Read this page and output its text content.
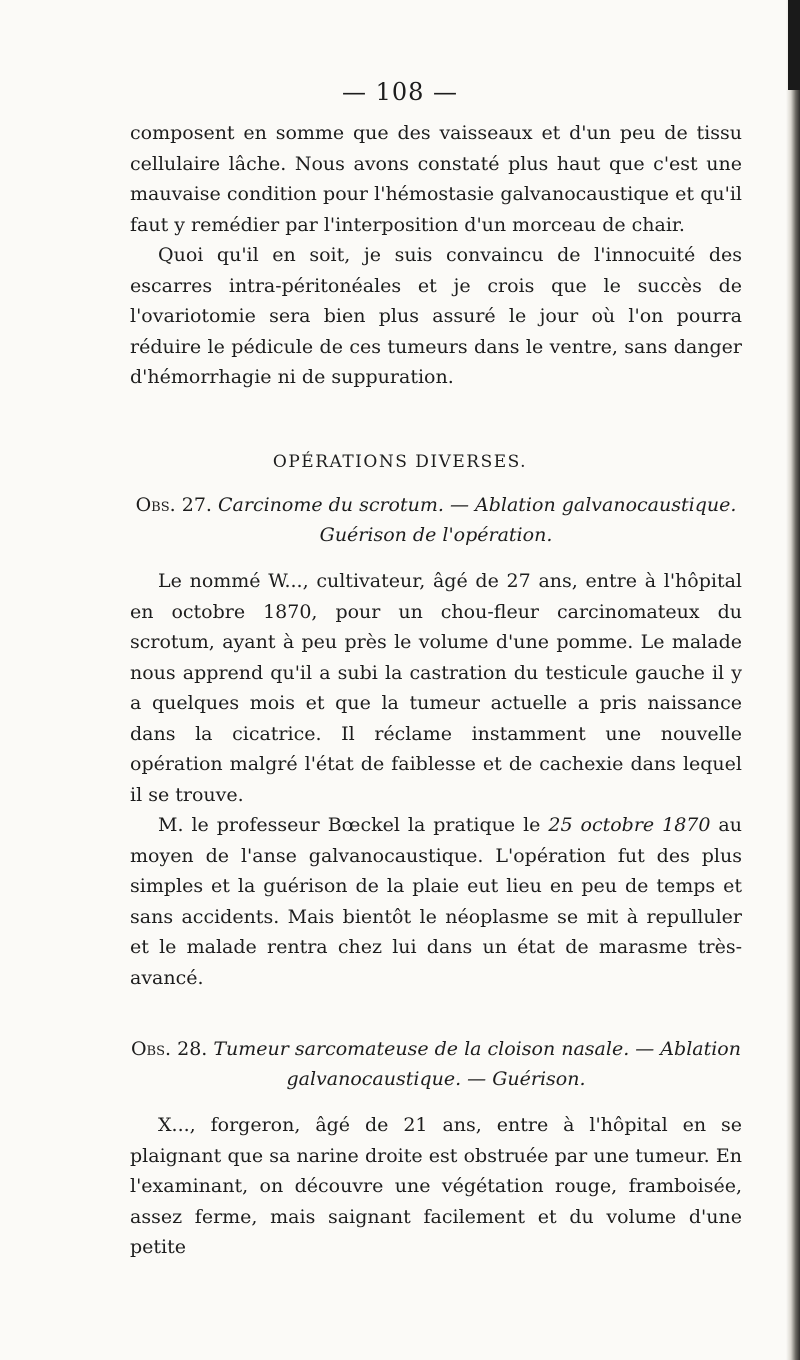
— 108 —

composent en somme que des vaisseaux et d'un peu de tissu cellulaire lâche. Nous avons constaté plus haut que c'est une mauvaise condition pour l'hémostasie galvanocaustique et qu'il faut y remédier par l'interposition d'un morceau de chair.

Quoi qu'il en soit, je suis convaincu de l'innocuité des escarres intra-péritonéales et je crois que le succès de l'ovariotomie sera bien plus assuré le jour où l'on pourra réduire le pédicule de ces tumeurs dans le ventre, sans danger d'hémorrhagie ni de suppuration.

OPÉRATIONS DIVERSES.
Obs. 27. Carcinome du scrotum. — Ablation galvanocaustique. Guérison de l'opération.

Le nommé W..., cultivateur, âgé de 27 ans, entre à l'hôpital en octobre 1870, pour un chou-fleur carcinomateux du scrotum, ayant à peu près le volume d'une pomme. Le malade nous apprend qu'il a subi la castration du testicule gauche il y a quelques mois et que la tumeur actuelle a pris naissance dans la cicatrice. Il réclame instamment une nouvelle opération malgré l'état de faiblesse et de cachexie dans lequel il se trouve.

M. le professeur Bœckel la pratique le 25 octobre 1870 au moyen de l'anse galvanocaustique. L'opération fut des plus simples et la guérison de la plaie eut lieu en peu de temps et sans accidents. Mais bientôt le néoplasme se mit à repulluler et le malade rentra chez lui dans un état de marasme très-avancé.

Obs. 28. Tumeur sarcomateuse de la cloison nasale. — Ablation galvanocaustique. — Guérison.

X..., forgeron, âgé de 21 ans, entre à l'hôpital en se plaignant que sa narine droite est obstruée par une tumeur. En l'examinant, on découvre une végétation rouge, framboisée, assez ferme, mais saignant facilement et du volume d'une petite
